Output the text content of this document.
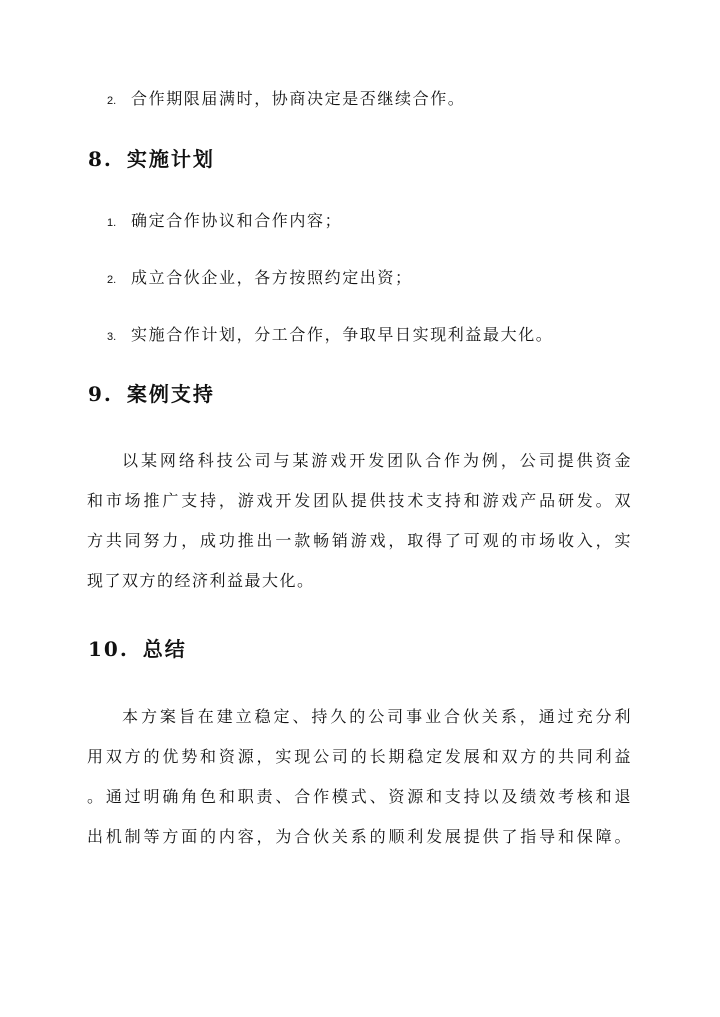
2. 合作期限届满时，协商决定是否继续合作。
8. 实施计划
1. 确定合作协议和合作内容；
2. 成立合伙企业，各方按照约定出资；
3. 实施合作计划，分工合作，争取早日实现利益最大化。
9. 案例支持
以某网络科技公司与某游戏开发团队合作为例，公司提供资金
和市场推广支持，游戏开发团队提供技术支持和游戏产品研发。双
方共同努力，成功推出一款畅销游戏，取得了可观的市场收入，实
现了双方的经济利益最大化。
10. 总结
本方案旨在建立稳定、持久的公司事业合伙关系，通过充分利
用双方的优势和资源，实现公司的长期稳定发展和双方的共同利益
。通过明确角色和职责、合作模式、资源和支持以及绩效考核和退
出机制等方面的内容，为合伙关系的顺利发展提供了指导和保障。
